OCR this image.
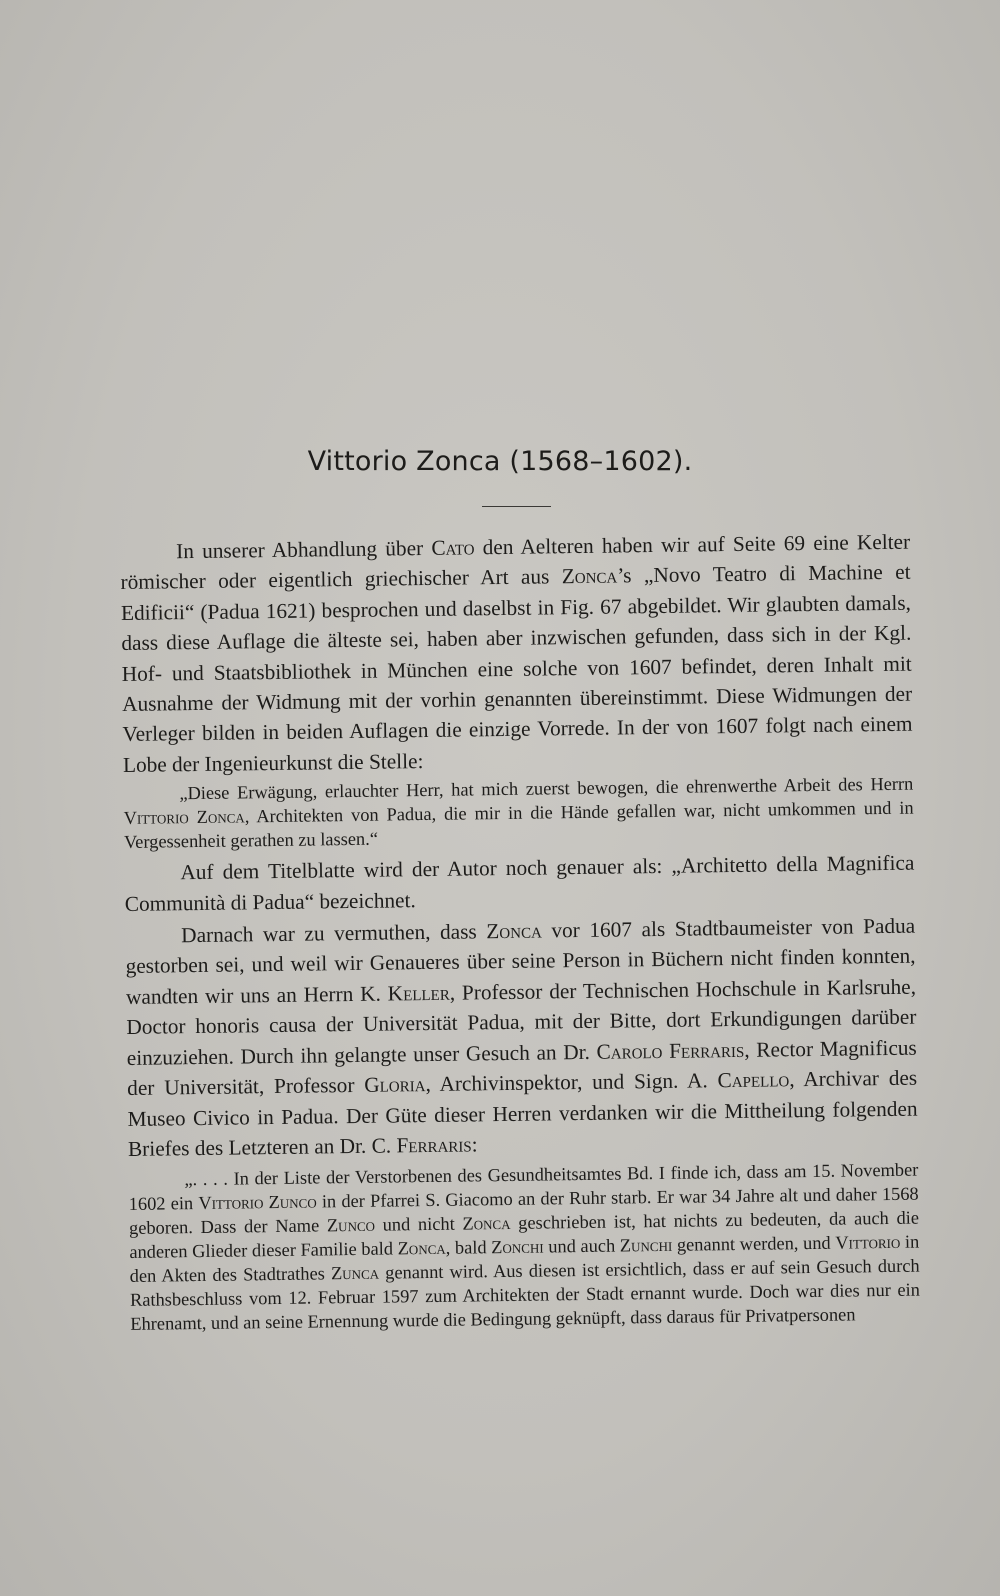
Vittorio Zonca (1568–1602).

In unserer Abhandlung über Cato den Aelteren haben wir auf Seite 69 eine Kelter römischer oder eigentlich griechischer Art aus Zonca’s „Novo Teatro di Machine et Edificii“ (Padua 1621) besprochen und daselbst in Fig. 67 abgebildet. Wir glaubten damals, dass diese Auflage die älteste sei, haben aber inzwischen gefunden, dass sich in der Kgl. Hof- und Staatsbibliothek in München eine solche von 1607 befindet, deren Inhalt mit Ausnahme der Widmung mit der vorhin genannten übereinstimmt. Diese Widmungen der Verleger bilden in beiden Auflagen die einzige Vorrede. In der von 1607 folgt nach einem Lobe der Ingenieurkunst die Stelle:

„Diese Erwägung, erlauchter Herr, hat mich zuerst bewogen, die ehrenwerthe Arbeit des Herrn Vittorio Zonca, Architekten von Padua, die mir in die Hände gefallen war, nicht umkommen und in Vergessenheit gerathen zu lassen.“

Auf dem Titelblatte wird der Autor noch genauer als: „Architetto della Magnifica Communità di Padua“ bezeichnet.

Darnach war zu vermuthen, dass Zonca vor 1607 als Stadtbaumeister von Padua gestorben sei, und weil wir Genaueres über seine Person in Büchern nicht finden konnten, wandten wir uns an Herrn K. Keller, Professor der Technischen Hochschule in Karlsruhe, Doctor honoris causa der Universität Padua, mit der Bitte, dort Erkundigungen darüber einzuziehen. Durch ihn gelangte unser Gesuch an Dr. Carolo Ferraris, Rector Magnificus der Universität, Professor Gloria, Archivinspektor, und Sign. A. Capello, Archivar des Museo Civico in Padua. Der Güte dieser Herren verdanken wir die Mittheilung folgenden Briefes des Letzteren an Dr. C. Ferraris:

„. . . . In der Liste der Verstorbenen des Gesundheitsamtes Bd. I finde ich, dass am 15. November 1602 ein Vittorio Zunco in der Pfarrei S. Giacomo an der Ruhr starb. Er war 34 Jahre alt und daher 1568 geboren. Dass der Name Zunco und nicht Zonca geschrieben ist, hat nichts zu bedeuten, da auch die anderen Glieder dieser Familie bald Zonca, bald Zonchi und auch Zunchi genannt werden, und Vittorio in den Akten des Stadtrathes Zunca genannt wird. Aus diesen ist ersichtlich, dass er auf sein Gesuch durch Rathsbeschluss vom 12. Februar 1597 zum Architekten der Stadt ernannt wurde. Doch war dies nur ein Ehrenamt, und an seine Ernennung wurde die Bedingung geknüpft, dass daraus für Privatpersonen
